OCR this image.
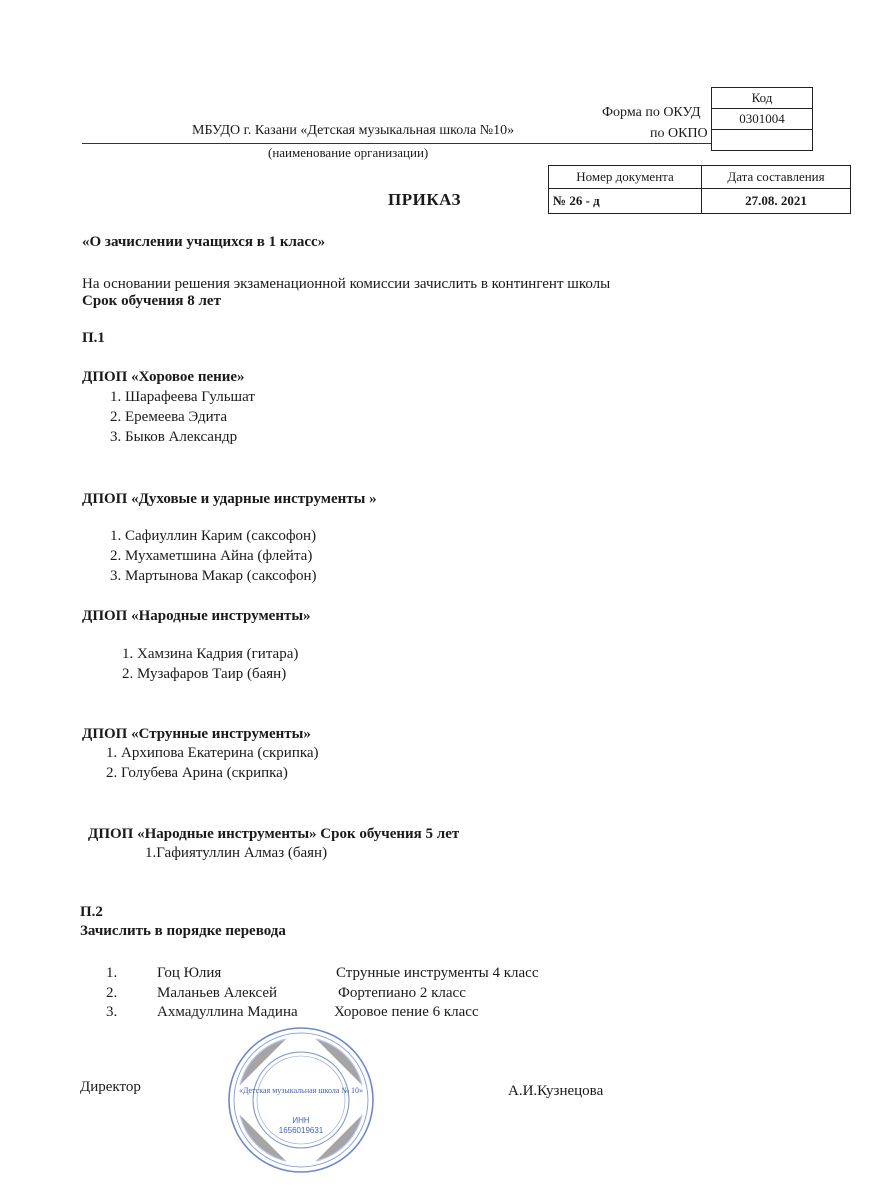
МБУДО г. Казани «Детская музыкальная школа №10»
(наименование организации)
Форма по ОКУД
по ОКПО
Код
0301004

Номер документа	Дата составления
№ 26 - д	27.08. 2021
ПРИКАЗ
«О зачислении учащихся в 1 класс»
На основании решения экзаменационной комиссии зачислить в контингент школы
Срок обучения 8 лет
П.1
ДПОП «Хоровое пение»
1. Шарафеева Гульшат
2. Еремеева Эдита
3. Быков Александр
ДПОП «Духовые и ударные инструменты »
1. Сафиуллин Карим (саксофон)
2. Мухаметшина Айна (флейта)
3. Мартынова Макар (саксофон)
ДПОП «Народные инструменты»
1. Хамзина Кадрия (гитара)
2. Музафаров Таир (баян)
ДПОП «Струнные инструменты»
1. Архипова Екатерина (скрипка)
2. Голубева Арина (скрипка)
ДПОП «Народные инструменты» Срок обучения 5 лет
1.Гафиятуллин Алмаз (баян)
П.2
Зачислить в порядке перевода
1.	Гоц Юлия	Струнные инструменты 4 класс
2.	Маланьев Алексей	Фортепиано 2 класс
3.	Ахмадуллина Мадина Хоровое пение 6 класс
Директор	А.И.Кузнецова
«Детская музыкальная школа № 10»
ИНН
1656019631
